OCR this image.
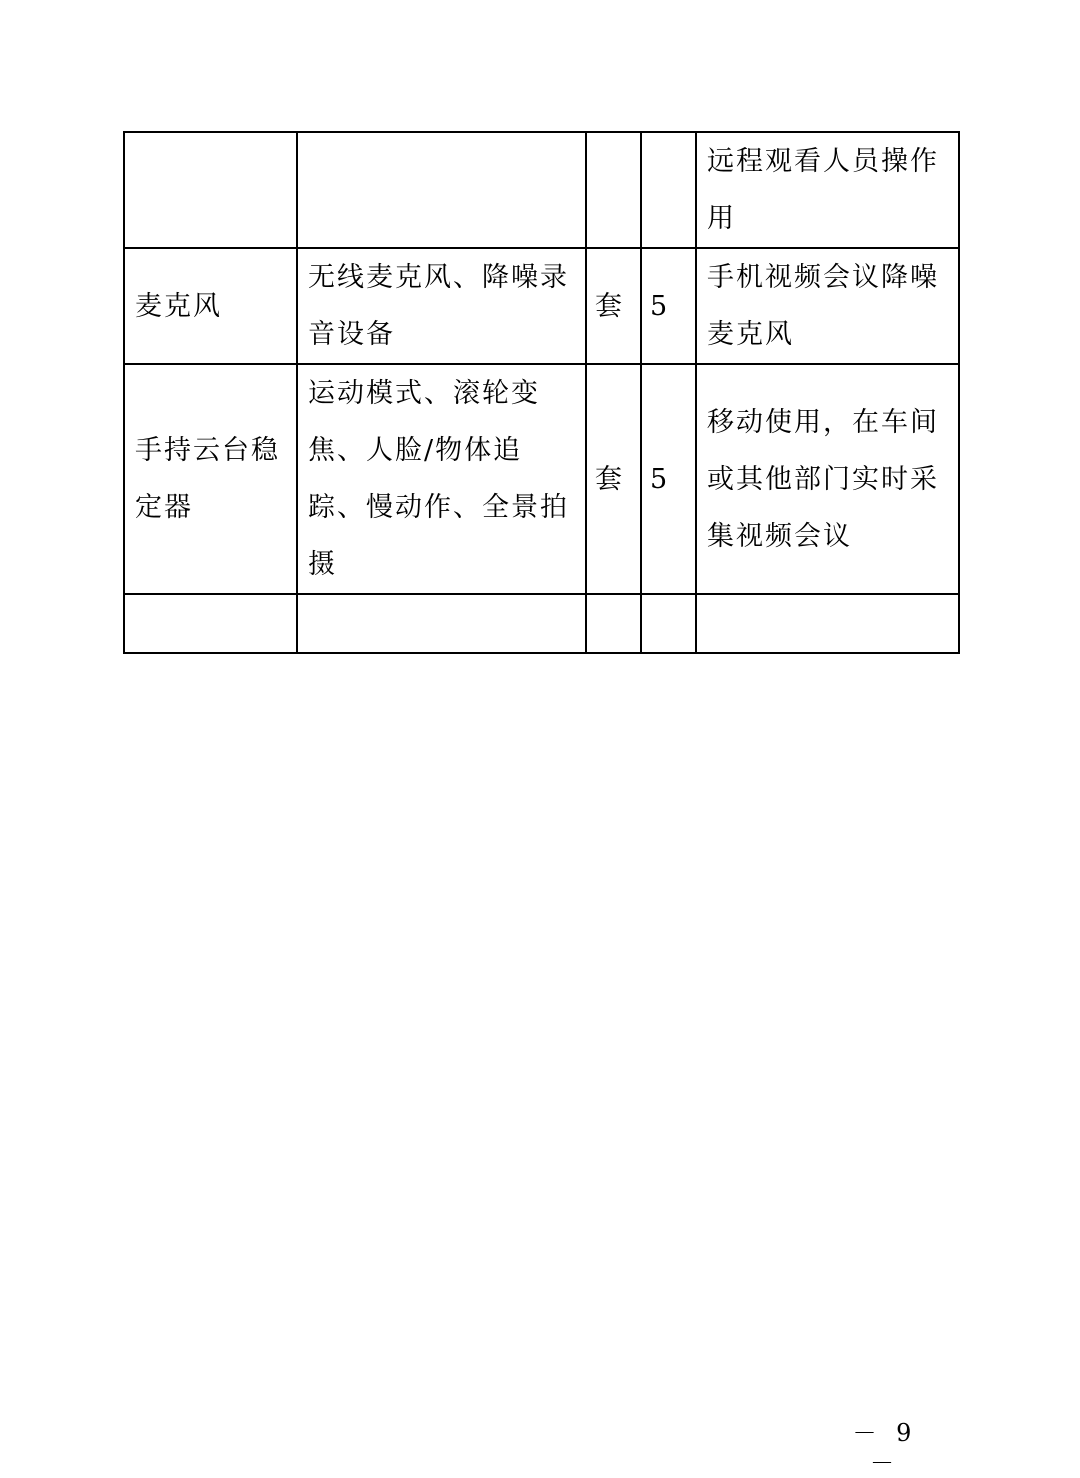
				远程观看人员操作用
麦克风	无线麦克风、降噪录音设备	套	5	手机视频会议降噪麦克风
手持云台稳定器	运动模式、滚轮变焦、人脸/物体追踪、慢动作、全景拍摄	套	5	移动使用，在车间或其他部门实时采集视频会议

－ 9 －
